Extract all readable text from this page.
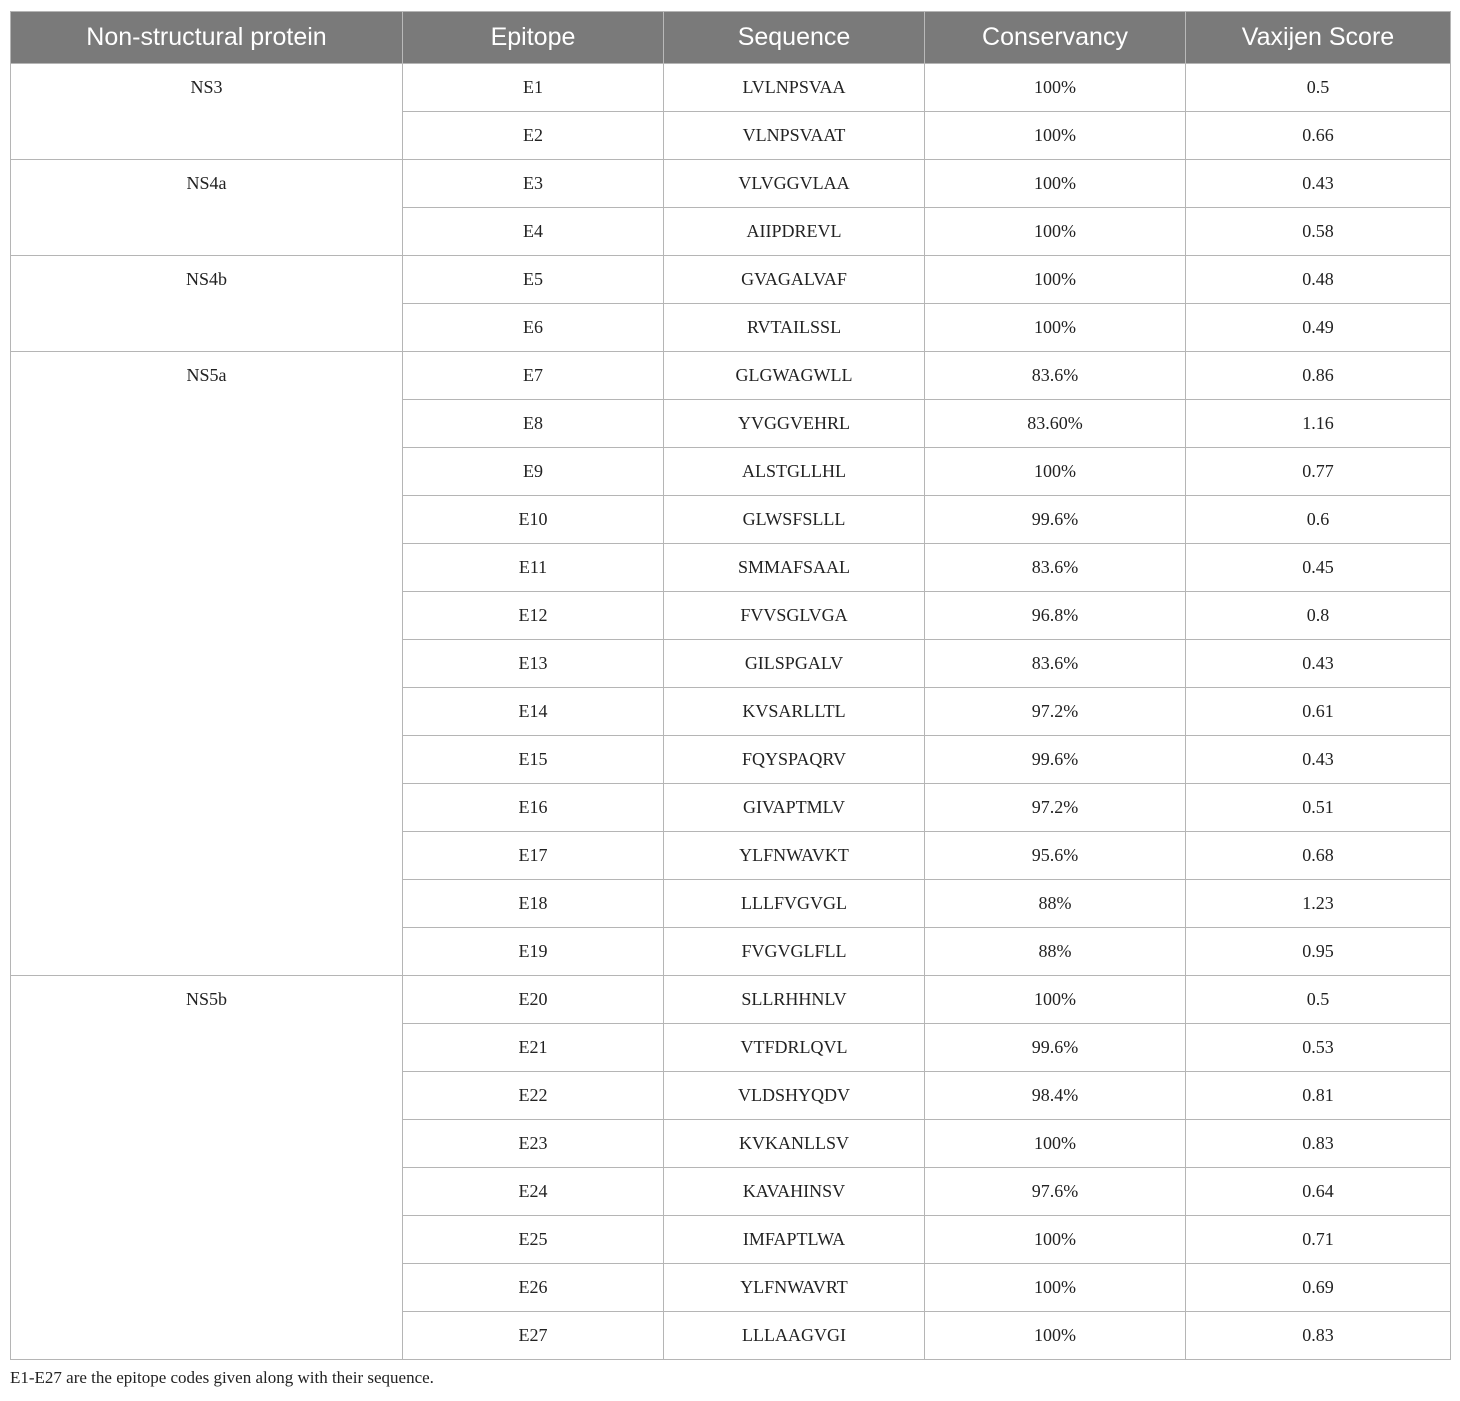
Non-structural protein	Epitope	Sequence	Conservancy	Vaxijen Score
NS3	E1	LVLNPSVAA	100%	0.5
	E2	VLNPSVAAT	100%	0.66
NS4a	E3	VLVGGVLAA	100%	0.43
	E4	AIIPDREVL	100%	0.58
NS4b	E5	GVAGALVAF	100%	0.48
	E6	RVTAILSSL	100%	0.49
NS5a	E7	GLGWAGWLL	83.6%	0.86
	E8	YVGGVEHRL	83.60%	1.16
	E9	ALSTGLLHL	100%	0.77
	E10	GLWSFSLLL	99.6%	0.6
	E11	SMMAFSAAL	83.6%	0.45
	E12	FVVSGLVGA	96.8%	0.8
	E13	GILSPGALV	83.6%	0.43
	E14	KVSARLLTL	97.2%	0.61
	E15	FQYSPAQRV	99.6%	0.43
	E16	GIVAPTMLV	97.2%	0.51
	E17	YLFNWAVKT	95.6%	0.68
	E18	LLLFVGVGL	88%	1.23
	E19	FVGVGLFLL	88%	0.95
NS5b	E20	SLLRHHNLV	100%	0.5
	E21	VTFDRLQVL	99.6%	0.53
	E22	VLDSHYQDV	98.4%	0.81
	E23	KVKANLLSV	100%	0.83
	E24	KAVAHINSV	97.6%	0.64
	E25	IMFAPTLWA	100%	0.71
	E26	YLFNWAVRT	100%	0.69
	E27	LLLAAGVGI	100%	0.83
E1-E27 are the epitope codes given along with their sequence.
